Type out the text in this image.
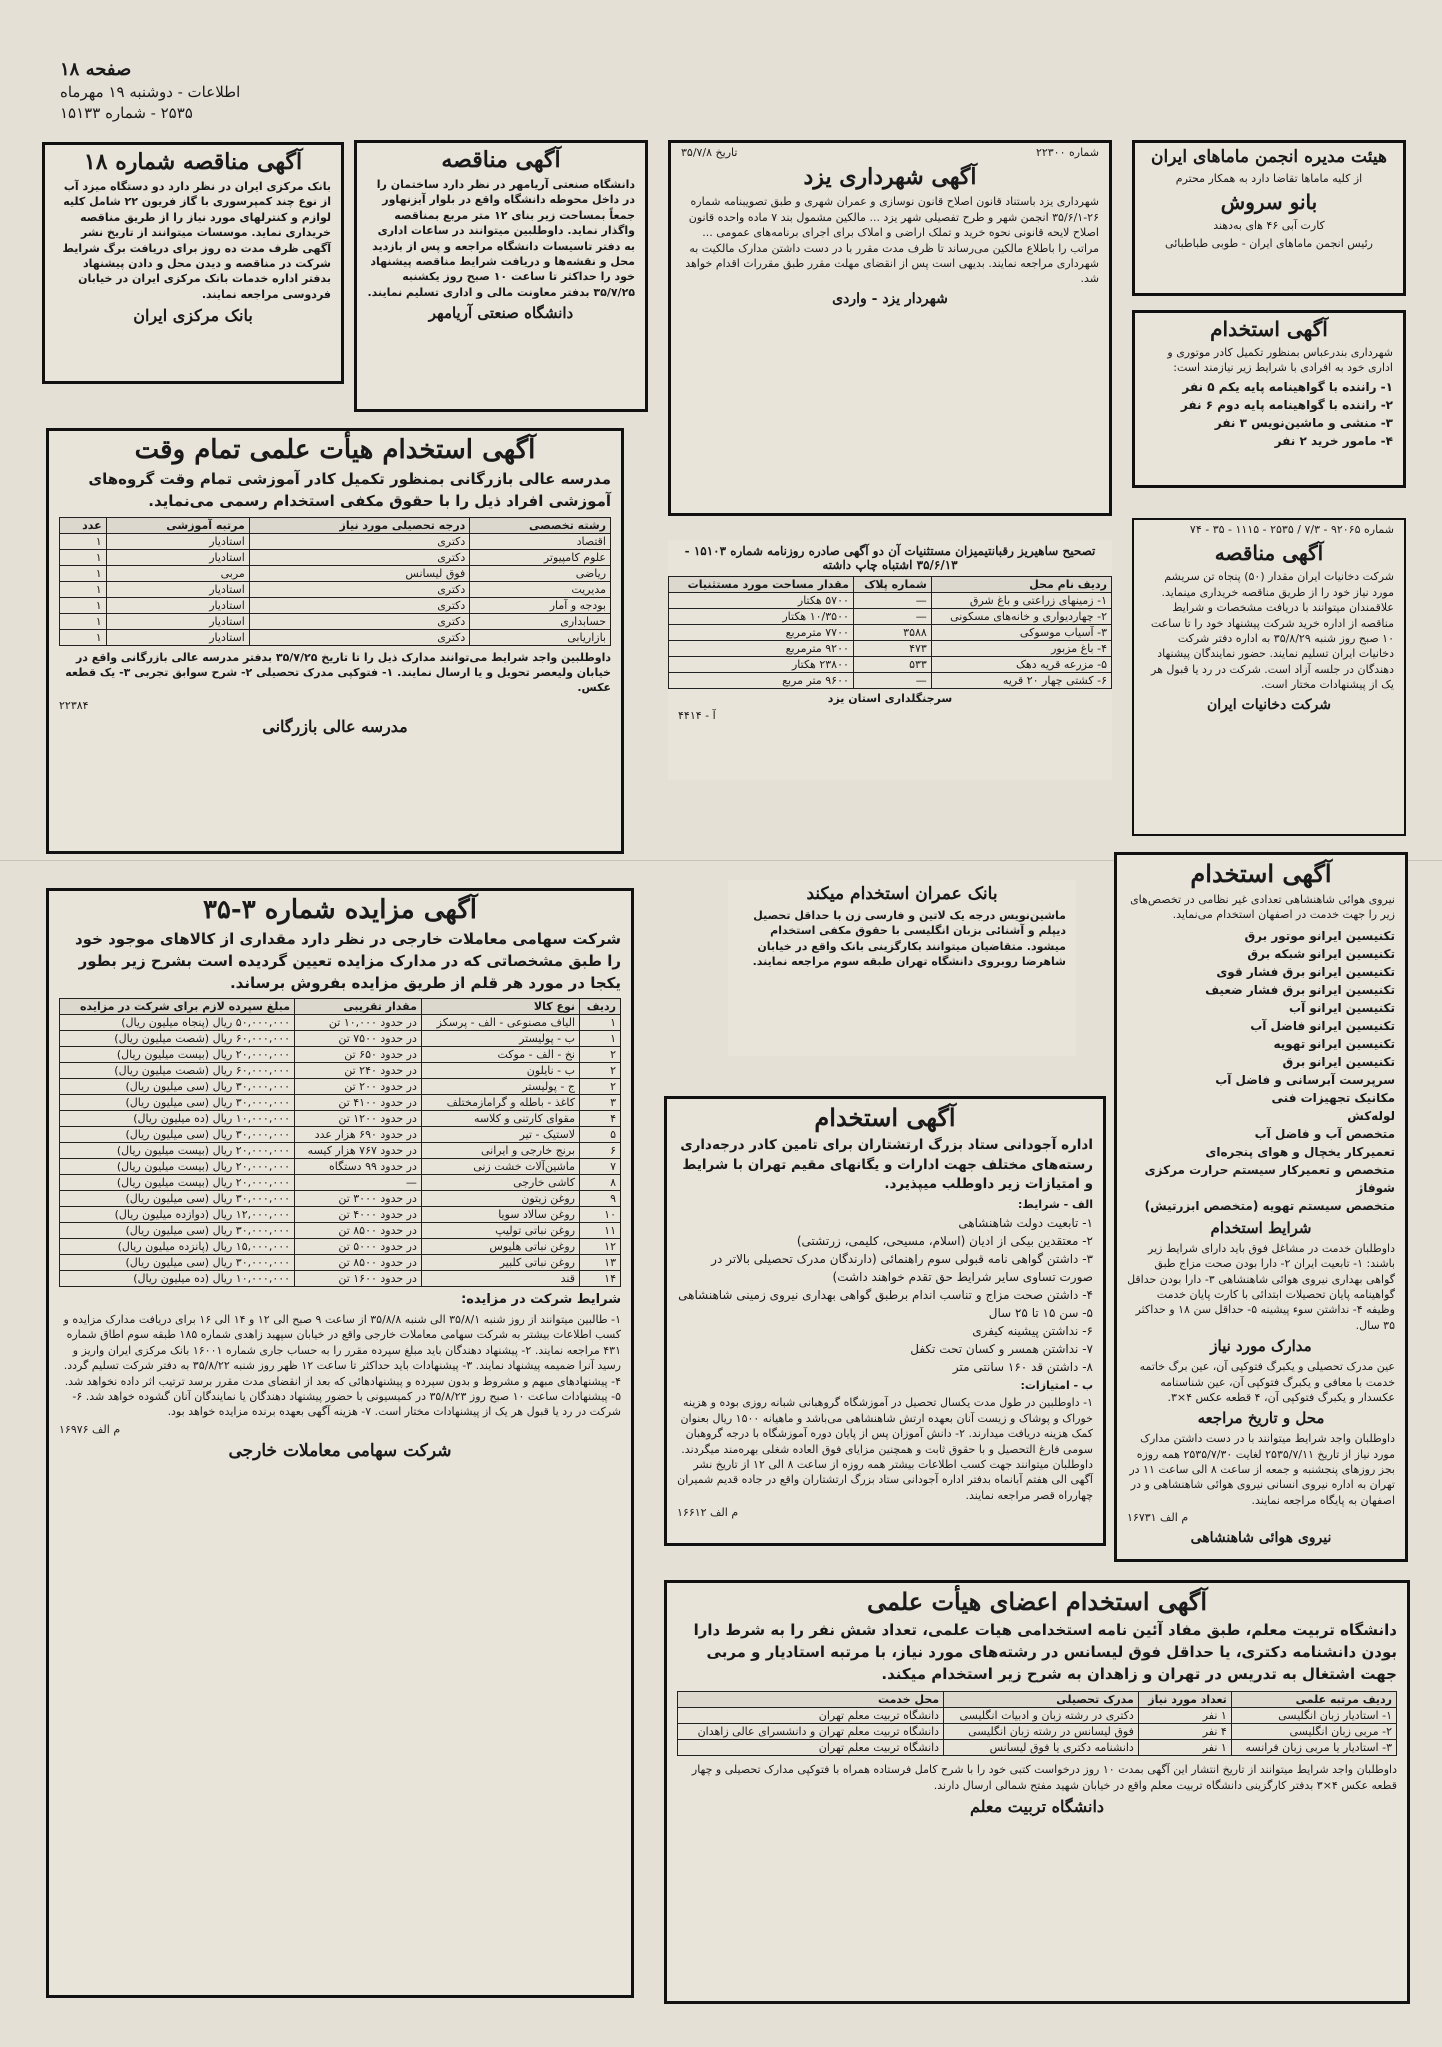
صفحه ۱۸
اطلاعات - دوشنبه ۱۹ مهرماه
۲۵۳۵ - شماره ۱۵۱۳۳
هیئت مدیره انجمن ماماهای ایران
از کلیه ماماها تقاضا دارد به همکار محترم
بانو سروش
کارت آبی ۴۶ ه‍‌ای به‌دهند
رئیس انجمن ماماهای ایران - طوبی طباطبائی
آگهی استخدام
شهرداری بندرعباس بمنظور تکمیل کادر موتوری و اداری خود به افرادی با شرایط زیر نیازمند است:
۱- راننده با گواهینامه پایه یکم ۵ نفر
۲- راننده با گواهینامه پایه دوم ۶ نفر
۳- منشی و ماشین‌نویس ۳ نفر
۴- مامور خرید ۲ نفر
شماره ۹۲۰۶۵ - ۷/۳ / ۲۵۳۵ - ۱۱۱۵ - ۳۵ - ۷۴
آگهی مناقصه
شرکت دخانیات ایران مقدار (۵۰) پنجاه تن سریشم مورد نیاز خود را از طریق مناقصه خریداری مینماید. علاقمندان میتوانند با دریافت مشخصات و شرایط مناقصه از اداره خرید شرکت پیشنهاد خود را تا ساعت ۱۰ صبح روز شنبه ۳۵/۸/۲۹ به اداره دفتر شرکت دخانیات ایران تسلیم نمایند. حضور نمایندگان پیشنهاد دهندگان در جلسه آزاد است. شرکت در رد یا قبول هر یک از پیشنهادات مختار است.
شرکت دخانیات ایران
آگهی استخدام
نیروی هوائی شاهنشاهی تعدادی غیر نظامی در تخصص‌های زیر را جهت خدمت در اصفهان استخدام می‌نماید.
تکنیسین ایرانو موتور برق
تکنیسین ایرانو شبکه برق
تکنیسین ایرانو برق فشار قوی
تکنیسین ایرانو برق فشار ضعیف
تکنیسین ایرانو آب
تکنیسین ایرانو فاضل آب
تکنیسین ایرانو تهویه
تکنیسین ایرانو برق
سرپرست آبرسانی و فاضل آب
مکانیک تجهیزات فنی
لوله‌کش
متخصص آب و فاضل آب
تعمیرکار یخچال و هوای ‌پنجره‌ای
متخصص و تعمیرکار سیستم حرارت مرکزی
شوفاژ
متخصص سیستم تهویه (متخصص ابزرتیش)
شرایط استخدام
داوطلبان خدمت در مشاغل فوق باید دارای شرایط زیر باشند: ۱- تابعیت ایران ۲- دارا بودن صحت مزاج طبق گواهی بهداری نیروی هوائی شاهنشاهی ۳- دارا بودن حداقل گواهینامه پایان تحصیلات ابتدائی با کارت پایان خدمت وظیفه ۴- نداشتن سوء پیشینه ۵- حداقل سن ۱۸ و حداکثر ۳۵ سال.
مدارک مورد نیاز
عین مدرک تحصیلی و یکبرگ فتوکپی آن، عین برگ خاتمه خدمت با معافی و یکبرگ فتوکپی آن، عین شناسنامه عکسدار و یکبرگ فتوکپی آن، ۴ قطعه عکس ۴×۳.
محل و تاریخ مراجعه
داوطلبان واجد شرایط میتوانند با در دست داشتن مدارک مورد نیاز از تاریخ ۲۵۳۵/۷/۱۱ لغایت ۲۵۳۵/۷/۳۰ همه روزه بجز روزهای پنجشنبه و جمعه از ساعت ۸ الی ساعت ۱۱ در تهران به اداره نیروی انسانی نیروی هوائی شاهنشاهی و در اصفهان به پایگاه مراجعه نمایند.
م الف ۱۶۷۳۱
نیروی هوائی شاهنشاهی
شماره ۲۲۳۰۰
تاریخ ۳۵/۷/۸
آگهی شهرداری یزد
شهرداری یزد باستناد قانون اصلاح قانون نوسازی و عمران شهری و طبق تصویبنامه شماره ۲۶-۳۵/۶/۱ انجمن شهر و طرح تفصیلی شهر یزد ... مالکین مشمول بند ۷ ماده واحده قانون اصلاح لایحه قانونی نحوه خرید و تملک اراضی و املاک برای اجرای برنامه‌های عمومی ... مراتب را باطلاع مالکین می‌رساند تا ظرف مدت مقرر با در دست داشتن مدارک مالکیت به شهرداری مراجعه نمایند. بدیهی است پس از انقضای مهلت مقرر طبق مقررات اقدام خواهد شد.
شهردار یزد - واردی
تصحیح ساهیریز رقبانتیمیزان مستثنیات آن دو آگهی صادره روزنامه شماره ۱۵۱۰۳ - ۳۵/۶/۱۳ اشتباه چاپ داشته
ردیف نام محل	شماره پلاک	مقدار مساحت مورد مستثنیات
۱- زمینهای زراعتی و باغ شرق	—	۵۷۰۰ هکتار
۲- چهاردیواری و خانه‌های مسکونی	—	۱۰/۳۵۰۰ هکتار
۳- آسیاب موسوکی	۳۵۸۸	۷۷۰۰ مترمربع
۴- باغ مزبور	۴۷۳	۹۲۰۰ مترمربع
۵- مزرعه قریه دهک	۵۳۳	۲۳۸۰۰ هکتار
۶- کشتی چهار ۲۰ قریه	—	۹۶۰۰ متر مربع
سرجنگلداری استان یزد
آ - ۴۴۱۴
بانک عمران استخدام میکند
ماشین‌نویس درجه یک لاتین و فارسی زن با حداقل تحصیل دیپلم و آشنائی بزبان انگلیسی با حقوق مکفی استخدام میشود. متقاضیان میتوانند بکارگزینی بانک واقع در خیابان شاهرضا روبروی دانشگاه تهران طبقه سوم مراجعه نمایند.
آگهی استخدام
اداره آجودانی ستاد بزرگ ارتشتاران برای تامین کادر درجه‌داری رسته‌های مختلف جهت ادارات و یگانهای مقیم تهران با شرایط و امتیازات زیر داوطلب میپذیرد.
الف - شرایط:
۱- تابعیت دولت شاهنشاهی
۲- معتقدین بیکی از ادیان (اسلام، مسیحی، کلیمی، زرتشتی)
۳- داشتن گواهی نامه قبولی سوم راهنمائی (دارندگان مدرک تحصیلی بالاتر در صورت تساوی سایر شرایط حق تقدم خواهند داشت)
۴- داشتن صحت مزاج و تناسب اندام برطبق گواهی بهداری نیروی زمینی شاهنشاهی
۵- سن ۱۵ تا ۲۵ سال
۶- نداشتن پیشینه کیفری
۷- نداشتن همسر و کسان تحت تکفل
۸- داشتن قد ۱۶۰ سانتی متر
ب - امتیازات:
۱- داوطلبین در طول مدت یکسال تحصیل در آموزشگاه گروهبانی شبانه روزی بوده و هزینه خوراک و پوشاک و زیست آنان بعهده ارتش شاهنشاهی می‌باشد و ماهیانه ۱۵۰۰ ریال بعنوان کمک هزینه دریافت میدارند. ۲- دانش آموزان پس از پایان دوره آموزشگاه با درجه گروهبان سومی فارغ التحصیل و با حقوق ثابت و همچنین مزایای فوق العاده شغلی بهره‌مند میگردند. داوطلبان میتوانند جهت کسب اطلاعات بیشتر همه روزه از ساعت ۸ الی ۱۲ از تاریخ نشر آگهی الی هفتم آبانماه بدفتر اداره آجودانی ستاد بزرگ ارتشتاران واقع در جاده قدیم شمیران چهارراه قصر مراجعه نمایند.
م الف ۱۶۶۱۲
آگهی مناقصه
دانشگاه صنعتی آریامهر در نظر دارد ساختمان را در داخل محوطه دانشگاه واقع در بلوار آیزنهاور جمعاً بمساحت زیر بنای ۱۲ متر مربع بمناقصه واگذار نماید. داوطلبین میتوانند در ساعات اداری به دفتر تاسیسات دانشگاه مراجعه و پس از بازدید محل و نقشه‌ها و دریافت شرایط مناقصه پیشنهاد خود را حداکثر تا ساعت ۱۰ صبح روز یکشنبه ۳۵/۷/۲۵ بدفتر معاونت مالی و اداری تسلیم نمایند.
دانشگاه صنعتی آریامهر
آگهی مناقصه شماره ۱۸
بانک مرکزی ایران در نظر دارد دو دستگاه میزد آب از نوع چند کمپرسوری با گاز فریون ۲۲ شامل کلیه لوازم و کنترلهای مورد نیاز را از طریق مناقصه خریداری نماید. موسسات میتوانند از تاریخ نشر آگهی ظرف مدت ده روز برای دریافت برگ شرایط شرکت در مناقصه و دیدن محل و دادن پیشنهاد بدفتر اداره خدمات بانک مرکزی ایران در خیابان فردوسی مراجعه نمایند.
بانک مرکزی ایران
آگهی استخدام هیأت علمی تمام وقت
مدرسه عالی بازرگانی بمنظور تکمیل کادر آموزشی تمام وقت گروه‌های آموزشی افراد ذیل را با حقوق مکفی استخدام رسمی می‌نماید.
رشته تخصصی	درجه تحصیلی مورد نیاز	مرتبه آموزشی	عدد
اقتصاد	دکتری	استادیار	۱
علوم کامپیوتر	دکتری	استادیار	۱
ریاضی	فوق لیسانس	مربی	۱
مدیریت	دکتری	استادیار	۱
بودجه و آمار	دکتری	استادیار	۱
حسابداری	دکتری	استادیار	۱
بازاریابی	دکتری	استادیار	۱
داوطلبین واجد شرایط می‌توانند مدارک ذیل را تا تاریخ ۳۵/۷/۲۵ بدفتر مدرسه عالی بازرگانی واقع در خیابان ولیعصر تحویل و یا ارسال نمایند. ۱- فتوکپی مدرک تحصیلی ۲- شرح سوابق تجربی ۳- یک قطعه عکس.
۲۲۳۸۴
مدرسه عالی بازرگانی
آگهی مزایده شماره ۳-۳۵
شرکت سهامی معاملات خارجی در نظر دارد مقداری از کالاهای موجود خود را طبق مشخصاتی که در مدارک مزایده تعیین گردیده است بشرح زیر بطور یکجا در مورد هر قلم از طریق مزایده بفروش برساند.
ردیف	نوع کالا	مقدار تقریبی	مبلغ سپرده لازم برای شرکت در مزایده
۱	الیاف مصنوعی - الف - پرسکز	در حدود ۱۰,۰۰۰ تن	۵۰,۰۰۰,۰۰۰ ریال (پنجاه میلیون ریال)
۱	ب - پولیستر	در حدود ۷۵۰۰ تن	۶۰,۰۰۰,۰۰۰ ریال (شصت میلیون ریال)
۲	نخ - الف - موکت	در حدود ۶۵۰ تن	۲۰,۰۰۰,۰۰۰ ریال (بیست میلیون ریال)
۲	ب - نایلون	در حدود ۲۴۰ تن	۶۰,۰۰۰,۰۰۰ ریال (شصت میلیون ریال)
۲	ج - پولیستر	در حدود ۲۰۰ تن	۳۰,۰۰۰,۰۰۰ ریال (سی میلیون ریال)
۳	کاغذ - باطله و گرامازمختلف	در حدود ۴۱۰۰ تن	۳۰,۰۰۰,۰۰۰ ریال (سی میلیون ریال)
۴	مقوای کارتنی و کلاسه	در حدود ۱۲۰۰ تن	۱۰,۰۰۰,۰۰۰ ریال (ده میلیون ریال)
۵	لاستیک - تیر	در حدود ۶۹۰ هزار عدد	۳۰,۰۰۰,۰۰۰ ریال (سی میلیون ریال)
۶	برنج خارجی و ایرانی	در حدود ۷۶۷ هزار کیسه	۲۰,۰۰۰,۰۰۰ ریال (بیست میلیون ریال)
۷	ماشین‌آلات خشت زنی	در حدود ۹۹ دستگاه	۲۰,۰۰۰,۰۰۰ ریال (بیست میلیون ریال)
۸	کاشی خارجی	—	۲۰,۰۰۰,۰۰۰ ریال (بیست میلیون ریال)
۹	روغن زیتون	در حدود ۳۰۰۰ تن	۳۰,۰۰۰,۰۰۰ ریال (سی میلیون ریال)
۱۰	روغن سالاد سویا	در حدود ۴۰۰۰ تن	۱۲,۰۰۰,۰۰۰ ریال (دوازده میلیون ریال)
۱۱	روغن نباتی تولیپ	در حدود ۸۵۰۰ تن	۳۰,۰۰۰,۰۰۰ ریال (سی میلیون ریال)
۱۲	روغن نباتی هلیوس	در حدود ۵۰۰۰ تن	۱۵,۰۰۰,۰۰۰ ریال (پانزده میلیون ریال)
۱۳	روغن نباتی کلبیر	در حدود ۸۵۰۰ تن	۳۰,۰۰۰,۰۰۰ ریال (سی میلیون ریال)
۱۴	قند	در حدود ۱۶۰۰ تن	۱۰,۰۰۰,۰۰۰ ریال (ده میلیون ریال)
شرایط شرکت در مزایده:
۱- طالبین میتوانند از روز شنبه ۳۵/۸/۱ الی شنبه ۳۵/۸/۸ از ساعت ۹ صبح الی ۱۲ و ۱۴ الی ۱۶ برای دریافت مدارک مزایده و کسب اطلاعات بیشتر به شرکت سهامی معاملات خارجی واقع در خیابان سپهبد زاهدی شماره ۱۸۵ طبقه سوم اطاق شماره ۴۳۱ مراجعه نمایند. ۲- پیشنهاد دهندگان باید مبلغ سپرده مقرر را به حساب جاری شماره ۱۶۰۰۱ بانک مرکزی ایران واریز و رسید آنرا ضمیمه پیشنهاد نمایند. ۳- پیشنهادات باید حداکثر تا ساعت ۱۲ ظهر روز شنبه ۳۵/۸/۲۲ به دفتر شرکت تسلیم گردد. ۴- پیشنهادهای مبهم و مشروط و بدون سپرده و پیشنهادهائی که بعد از انقضای مدت مقرر برسد ترتیب اثر داده نخواهد شد. ۵- پیشنهادات ساعت ۱۰ صبح روز ۳۵/۸/۲۳ در کمیسیونی با حضور پیشنهاد دهندگان یا نمایندگان آنان گشوده خواهد شد. ۶- شرکت در رد یا قبول هر یک از پیشنهادات مختار است. ۷- هزینه آگهی بعهده برنده مزایده خواهد بود.
م الف ۱۶۹۷۶
شرکت سهامی معاملات خارجی
آگهی استخدام اعضای هیأت علمی
دانشگاه تربیت معلم، طبق مفاد آئین نامه استخدامی هیات علمی، تعداد شش نفر را به شرط دارا بودن دانشنامه دکتری، یا حداقل فوق لیسانس در رشته‌های مورد نیاز، با مرتبه استادیار و مربی جهت اشتغال به تدریس در تهران و زاهدان به شرح زیر استخدام میکند.
ردیف مرتبه علمی	تعداد مورد نیاز	مدرک تحصیلی	محل خدمت
۱- استادیار زبان انگلیسی	۱ نفر	دکتری در رشته زبان و ادبیات انگلیسی	دانشگاه تربیت معلم تهران
۲- مربی زبان انگلیسی	۴ نفر	فوق لیسانس در رشته زبان انگلیسی	دانشگاه تربیت معلم تهران و دانشسرای عالی زاهدان
۳- استادیار یا مربی زبان فرانسه	۱ نفر	دانشنامه دکتری یا فوق لیسانس	دانشگاه تربیت معلم تهران
داوطلبان واجد شرایط میتوانند از تاریخ انتشار این آگهی بمدت ۱۰ روز درخواست کتبی خود را با شرح کامل فرستاده همراه با فتوکپی مدارک تحصیلی و چهار قطعه عکس ۴×۳ بدفتر کارگزینی دانشگاه تربیت معلم واقع در خیابان شهید مفتح شمالی ارسال دارند.
دانشگاه تربیت معلم
